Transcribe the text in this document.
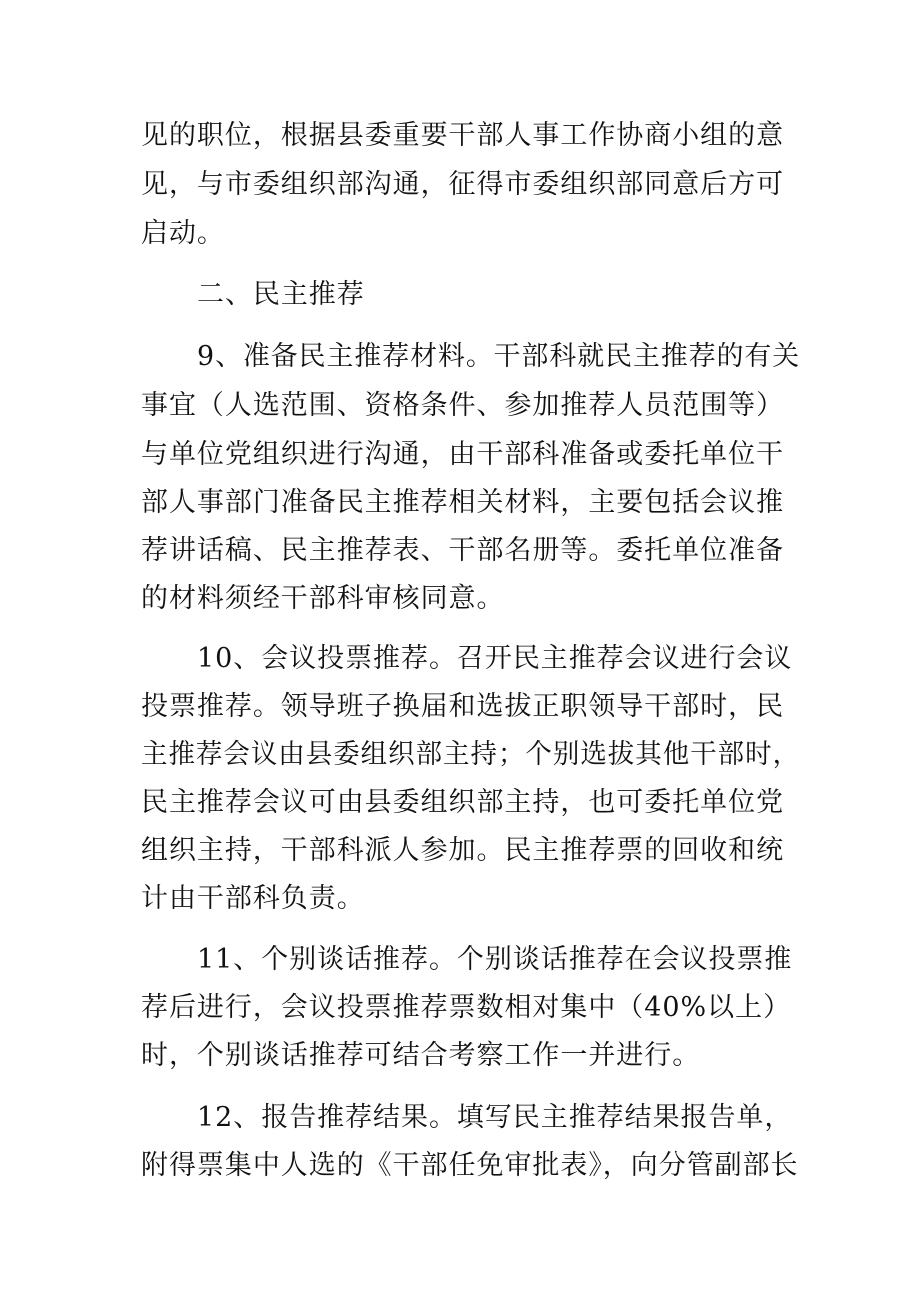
见的职位，根据县委重要干部人事工作协商小组的意
见，与市委组织部沟通，征得市委组织部同意后方可
启动。
二、民主推荐
9、准备民主推荐材料。干部科就民主推荐的有关
事宜（人选范围、资格条件、参加推荐人员范围等）
与单位党组织进行沟通，由干部科准备或委托单位干
部人事部门准备民主推荐相关材料，主要包括会议推
荐讲话稿、民主推荐表、干部名册等。委托单位准备
的材料须经干部科审核同意。
10、会议投票推荐。召开民主推荐会议进行会议
投票推荐。领导班子换届和选拔正职领导干部时，民
主推荐会议由县委组织部主持；个别选拔其他干部时，
民主推荐会议可由县委组织部主持，也可委托单位党
组织主持，干部科派人参加。民主推荐票的回收和统
计由干部科负责。
11、个别谈话推荐。个别谈话推荐在会议投票推
荐后进行，会议投票推荐票数相对集中（40%以上）
时，个别谈话推荐可结合考察工作一并进行。
12、报告推荐结果。填写民主推荐结果报告单，
附得票集中人选的《干部任免审批表》，向分管副部长
